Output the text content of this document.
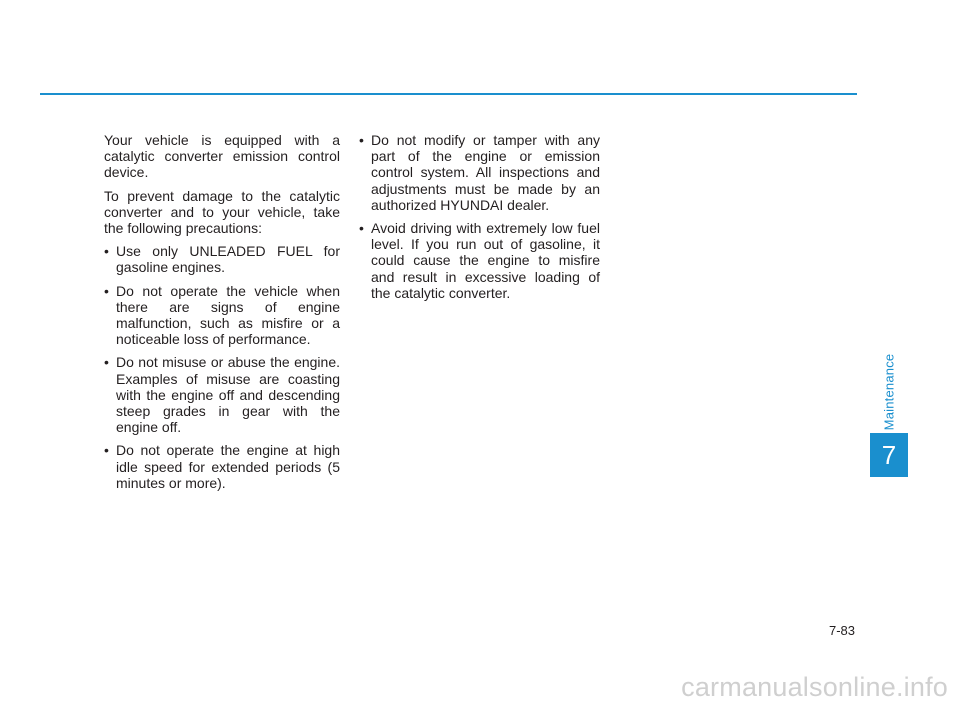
Your vehicle is equipped with a catalytic converter emission control device.

To prevent damage to the catalytic converter and to your vehicle, take the following precautions:

• Use only UNLEADED FUEL for gasoline engines.
• Do not operate the vehicle when there are signs of engine malfunction, such as misfire or a noticeable loss of performance.
• Do not misuse or abuse the engine. Examples of misuse are coasting with the engine off and descending steep grades in gear with the engine off.
• Do not operate the engine at high idle speed for extended periods (5 minutes or more).
• Do not modify or tamper with any part of the engine or emission control system. All inspections and adjustments must be made by an authorized HYUNDAI dealer.
• Avoid driving with extremely low fuel level. If you run out of gasoline, it could cause the engine to misfire and result in excessive loading of the catalytic converter.
Maintenance
7
7-83
carmanualsonline.info
